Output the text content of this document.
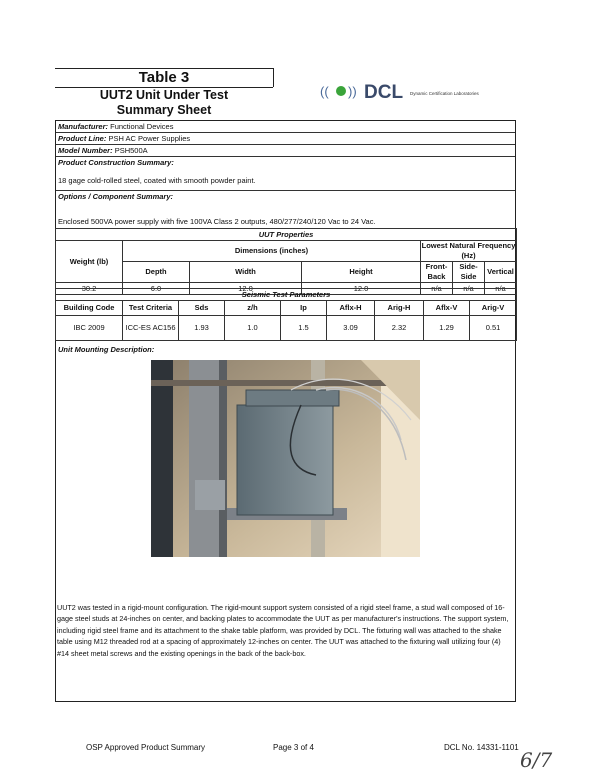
Table 3
UUT2 Unit Under Test
Summary Sheet
(( )) DCL Dynamic Certification Laboratories
Manufacturer: Functional Devices
Product Line: PSH AC Power Supplies
Model Number: PSH500A
Product Construction Summary:
18 gage cold-rolled steel, coated with smooth powder paint.
Options / Component Summary:
Enclosed 500VA power supply with five 100VA Class 2 outputs, 480/277/240/120 Vac to 24 Vac.
UUT Properties						
Weight (lb)	Dimensions (inches)			Lowest Natural Frequency (Hz)		
	Depth	Width	Height	Front-Back	Side-Side	Vertical
30.2	6.0	12.0	12.0	n/a	n/a	n/a
Seismic Test Parameters								
Building Code	Test Criteria	Sds	z/h	Ip	Aflx-H	Arig-H	Aflx-V	Arig-V
IBC 2009	ICC-ES AC156	1.93	1.0	1.5	3.09	2.32	1.29	0.51
Unit Mounting Description:
UUT2 was tested in a rigid-mount configuration. The rigid-mount support system consisted of a rigid steel frame, a stud wall composed of 16-gage steel studs at 24-inches on center, and backing plates to accommodate the UUT as per manufacturer's instructions. The support system, including rigid steel frame and its attachment to the shake table platform, was provided by DCL. The fixturing wall was attached to the shake table using M12 threaded rod at a spacing of approximately 12-inches on center. The UUT was attached to the fixturing wall utilizing four (4) #14 sheet metal screws and the existing openings in the back of the back-box.
OSP Approved Product Summary	Page 3 of 4	DCL No. 14331-1101
6/7
